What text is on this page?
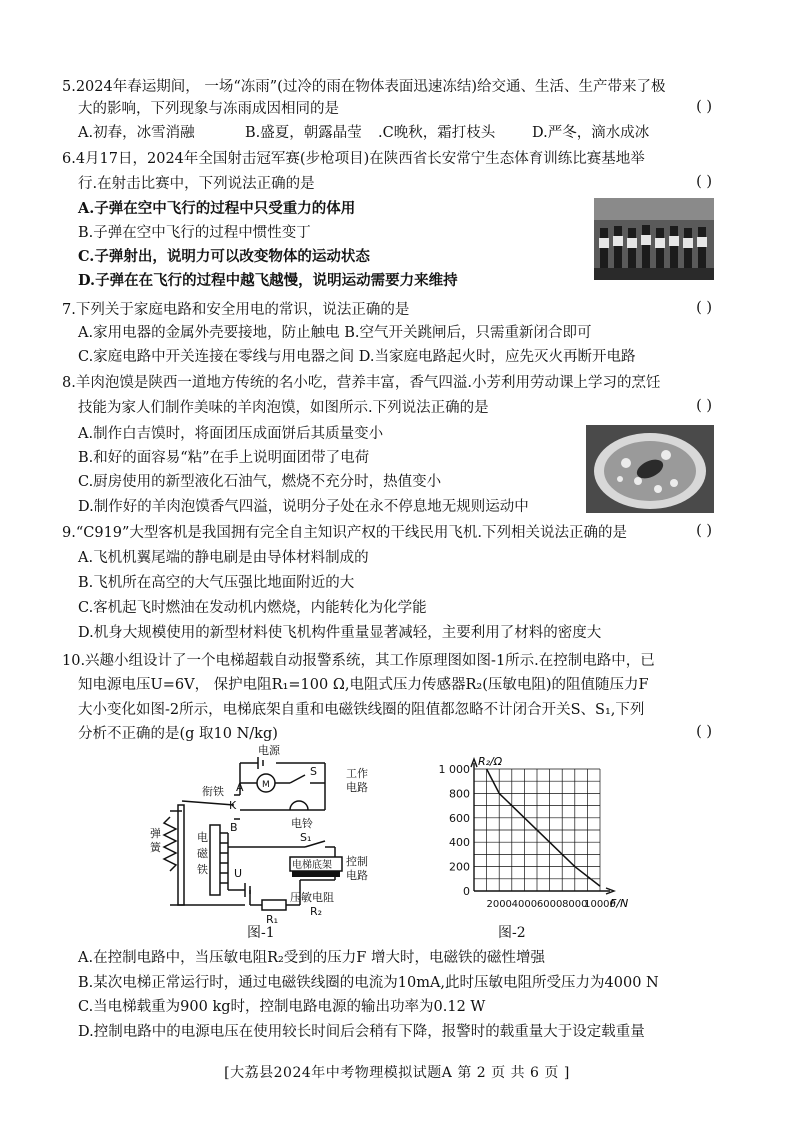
5.2024年春运期间， 一场“冻雨”(过冷的雨在物体表面迅速冻结)给交通、生活、生产带来了极
大的影响，下列现象与冻雨成因相同的是	( )
A.初春，冰雪消融	B.盛夏，朝露晶莹	.C晚秋，霜打枝头	D.严冬，滴水成冰
6.4月17日，2024年全国射击冠军赛(步枪项目)在陕西省长安常宁生态体育训练比赛基地举
行.在射击比赛中，下列说法正确的是	( )
A.子弹在空中飞行的过程中只受重力的体用
B.子弹在空中飞行的过程中惯性变丁
C.子弹射出，说明力可以改变物体的运动状态
D.子弹在在飞行的过程中越飞越慢，说明运动需要力来维持
7.下列关于家庭电路和安全用电的常识，说法正确的是	( )
A.家用电器的金属外壳要接地，防止触电 B.空气开关跳闸后，只需重新闭合即可
C.家庭电路中开关连接在零线与用电器之间 D.当家庭电路起火时，应先灭火再断开电路
8.羊肉泡馍是陕西一道地方传统的名小吃，营养丰富，香气四溢.小芳利用劳动课上学习的烹饪
技能为家人们制作美味的羊肉泡馍，如图所示.下列说法正确的是	( )
A.制作白吉馍时，将面团压成面饼后其质量变小
B.和好的面容易“粘”在手上说明面团带了电荷
C.厨房使用的新型液化石油气，燃烧不充分时，热值变小
D.制作好的羊肉泡馍香气四溢，说明分子处在永不停息地无规则运动中
9.“C919”大型客机是我国拥有完全自主知识产权的干线民用飞机.下列相关说法正确的是	( )
A.飞机机翼尾端的静电刷是由导体材料制成的
B.飞机所在高空的大气压强比地面附近的大
C.客机起飞时燃油在发动机内燃烧，内能转化为化学能
D.机身大规模使用的新型材料使飞机构件重量显著减轻，主要利用了材料的密度大
10.兴趣小组设计了一个电梯超载自动报警系统，其工作原理图如图-1所示.在控制电路中，已
知电源电压U=6V， 保护电阻R₁=100 Ω,电阻式压力传感器R₂(压敏电阻)的阻值随压力F
大小变化如图-2所示，电梯底架自重和电磁铁线圈的阻值都忽略不计闭合开关S、S₁,下列
分析不正确的是(g 取10 N/kg)	( )
电源
M
S	工作
电路
衔铁 A
K
B	电铃
弹
簧
电
磁
铁
S₁
电梯底架 控制
电路
U
R₁
压敏电阻
R₂
图-1
1 000
800
600
400
200
0
2000 4000 6000 8000
10000
R₂/Ω
F/N
图-2
A.在控制电路中，当压敏电阻R₂受到的压力F 增大时，电磁铁的磁性增强
B.某次电梯正常运行时，通过电磁铁线圈的电流为10mA,此时压敏电阻所受压力为4000 N
C.当电梯载重为900 kg时，控制电路电源的输出功率为0.12 W
D.控制电路中的电源电压在使用较长时间后会稍有下降，报警时的载重量大于设定载重量
[大荔县2024年中考物理模拟试题A 第 2 页 共 6 页 ]
